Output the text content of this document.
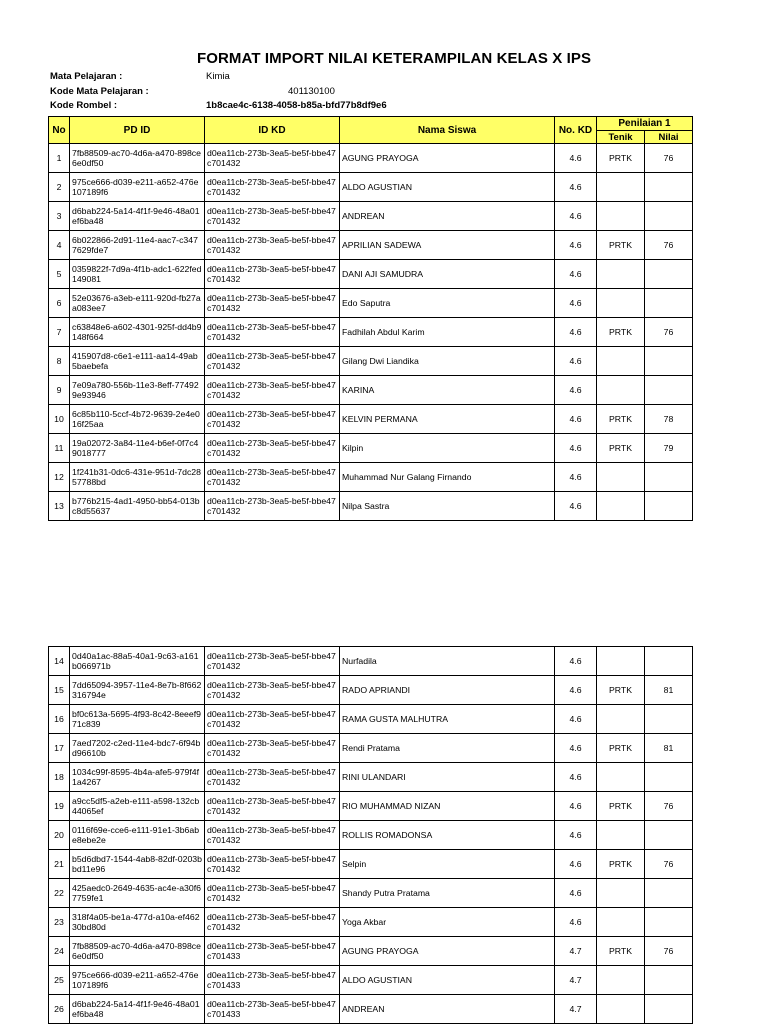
FORMAT IMPORT NILAI KETERAMPILAN KELAS X IPS
Mata Pelajaran :	Kimia
Kode Mata Pelajaran :	401130100
Kode Rombel :	1b8cae4c-6138-4058-b85a-bfd77b8df9e6
No	PD ID	ID KD	Nama Siswa	No. KD	Penilaian 1	
					Tenik	Nilai
1	7fb88509-ac70-4d6a-a470-898ce6e0df50	d0ea11cb-273b-3ea5-be5f-bbe47c701432	AGUNG PRAYOGA	4.6	PRTK	76
2	975ce666-d039-e211-a652-476e107189f6	d0ea11cb-273b-3ea5-be5f-bbe47c701432	ALDO AGUSTIAN	4.6		
3	d6bab224-5a14-4f1f-9e46-48a01ef6ba48	d0ea11cb-273b-3ea5-be5f-bbe47c701432	ANDREAN	4.6		
4	6b022866-2d91-11e4-aac7-c3477629fde7	d0ea11cb-273b-3ea5-be5f-bbe47c701432	APRILIAN SADEWA	4.6	PRTK	76
5	0359822f-7d9a-4f1b-adc1-622fed149081	d0ea11cb-273b-3ea5-be5f-bbe47c701432	DANI AJI SAMUDRA	4.6		
6	52e03676-a3eb-e111-920d-fb27aa083ee7	d0ea11cb-273b-3ea5-be5f-bbe47c701432	Edo Saputra	4.6		
7	c63848e6-a602-4301-925f-dd4b9148f664	d0ea11cb-273b-3ea5-be5f-bbe47c701432	Fadhilah Abdul Karim	4.6	PRTK	76
8	415907d8-c6e1-e111-aa14-49ab5baebefa	d0ea11cb-273b-3ea5-be5f-bbe47c701432	Gilang Dwi Liandika	4.6		
9	7e09a780-556b-11e3-8eff-774929e93946	d0ea11cb-273b-3ea5-be5f-bbe47c701432	KARINA	4.6		
10	6c85b110-5ccf-4b72-9639-2e4e016f25aa	d0ea11cb-273b-3ea5-be5f-bbe47c701432	KELVIN PERMANA	4.6	PRTK	78
11	19a02072-3a84-11e4-b6ef-0f7c49018777	d0ea11cb-273b-3ea5-be5f-bbe47c701432	Kilpin	4.6	PRTK	79
12	1f241b31-0dc6-431e-951d-7dc2857788bd	d0ea11cb-273b-3ea5-be5f-bbe47c701432	Muhammad Nur Galang Firnando	4.6		
13	b776b215-4ad1-4950-bb54-013bc8d55637	d0ea11cb-273b-3ea5-be5f-bbe47c701432	Nilpa Sastra	4.6		
14	0d40a1ac-88a5-40a1-9c63-a161b066971b	d0ea11cb-273b-3ea5-be5f-bbe47c701432	Nurfadila	4.6		
15	7dd65094-3957-11e4-8e7b-8f662316794e	d0ea11cb-273b-3ea5-be5f-bbe47c701432	RADO APRIANDI	4.6	PRTK	81
16	bf0c613a-5695-4f93-8c42-8eeef971c839	d0ea11cb-273b-3ea5-be5f-bbe47c701432	RAMA GUSTA MALHUTRA	4.6		
17	7aed7202-c2ed-11e4-bdc7-6f94bd96610b	d0ea11cb-273b-3ea5-be5f-bbe47c701432	Rendi Pratama	4.6	PRTK	81
18	1034c99f-8595-4b4a-afe5-979f4f1a4267	d0ea11cb-273b-3ea5-be5f-bbe47c701432	RINI ULANDARI	4.6		
19	a9cc5df5-a2eb-e111-a598-132cb44065ef	d0ea11cb-273b-3ea5-be5f-bbe47c701432	RIO MUHAMMAD NIZAN	4.6	PRTK	76
20	0116f69e-cce6-e111-91e1-3b6abe8ebe2e	d0ea11cb-273b-3ea5-be5f-bbe47c701432	ROLLIS ROMADONSA	4.6		
21	b5d6dbd7-1544-4ab8-82df-0203bbd11e96	d0ea11cb-273b-3ea5-be5f-bbe47c701432	Selpin	4.6	PRTK	76
22	425aedc0-2649-4635-ac4e-a30f67759fe1	d0ea11cb-273b-3ea5-be5f-bbe47c701432	Shandy Putra Pratama	4.6		
23	318f4a05-be1a-477d-a10a-ef46230bd80d	d0ea11cb-273b-3ea5-be5f-bbe47c701432	Yoga Akbar	4.6		
24	7fb88509-ac70-4d6a-a470-898ce6e0df50	d0ea11cb-273b-3ea5-be5f-bbe47c701433	AGUNG PRAYOGA	4.7	PRTK	76
25	975ce666-d039-e211-a652-476e107189f6	d0ea11cb-273b-3ea5-be5f-bbe47c701433	ALDO AGUSTIAN	4.7		
26	d6bab224-5a14-4f1f-9e46-48a01ef6ba48	d0ea11cb-273b-3ea5-be5f-bbe47c701433	ANDREAN	4.7		
